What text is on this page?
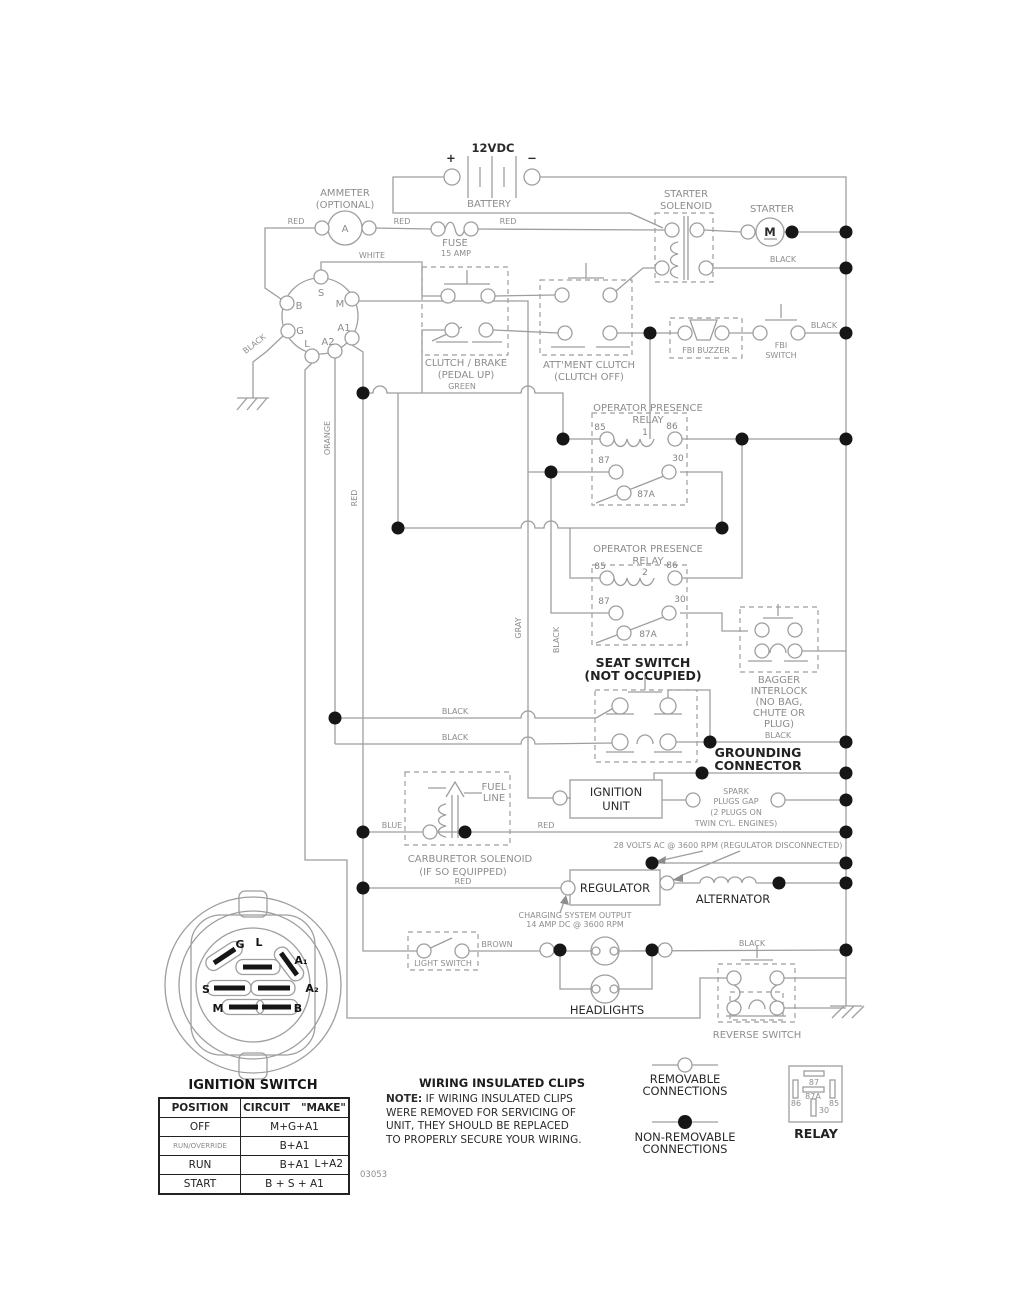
12VDC
+	−
BATTERY
AMMETER
(OPTIONAL)
A
FUSE
15 AMP
STARTER
SOLENOID	STARTER
M
S
B	M
G	A1
A2
L
CLUTCH / BRAKE
(PEDAL UP)
ATT'MENT CLUTCH
(CLUTCH OFF)
FBI BUZZER
FBI
SWITCH
OPERATOR PRESENCE
RELAY
1
85	86
87	30
87A
OPERATOR PRESENCE
RELAY
2
85	86
87	30
87A
SEAT SWITCH
(NOT OCCUPIED)	BAGGER
INTERLOCK
(NO BAG,
CHUTE OR
PLUG)
GROUNDING
CONNECTOR
IGNITION
UNIT
SPARK
PLUGS GAP
(2 PLUGS ON
TWIN CYL. ENGINES)
FUEL
LINE
CARBURETOR SOLENOID
(IF SO EQUIPPED)
REGULATOR
28 VOLTS AC @ 3600 RPM (REGULATOR DISCONNECTED)
CHARGING SYSTEM OUTPUT
14 AMP DC @ 3600 RPM
ALTERNATOR
LIGHT SWITCH
HEADLIGHTS
REVERSE SWITCH
RED	RED	RED
WHITE
BLACK
BLACK
BLACK
GREEN
ORANGE
RED
GRAY	BLACK
BLACK
BLACK	BLACK
BLUE	RED
RED
BROWN	BLACK
G L
A₁
A₂
S
M	B
REMOVABLE
CONNECTIONS
NON-REMOVABLE
CONNECTIONS
87
87A
86	85
30
RELAY
IGNITION SWITCH
POSITION	CIRCUIT "MAKE"
OFF	M+G+A1
RUN/OVERRIDE	B+A1
RUN	B+A1 L+A2

START	B + S + A1
03053
WIRING INSULATED CLIPS
NOTE: IF WIRING INSULATED CLIPS
WERE REMOVED FOR SERVICING OF
UNIT, THEY SHOULD BE REPLACED
TO PROPERLY SECURE YOUR WIRING.
